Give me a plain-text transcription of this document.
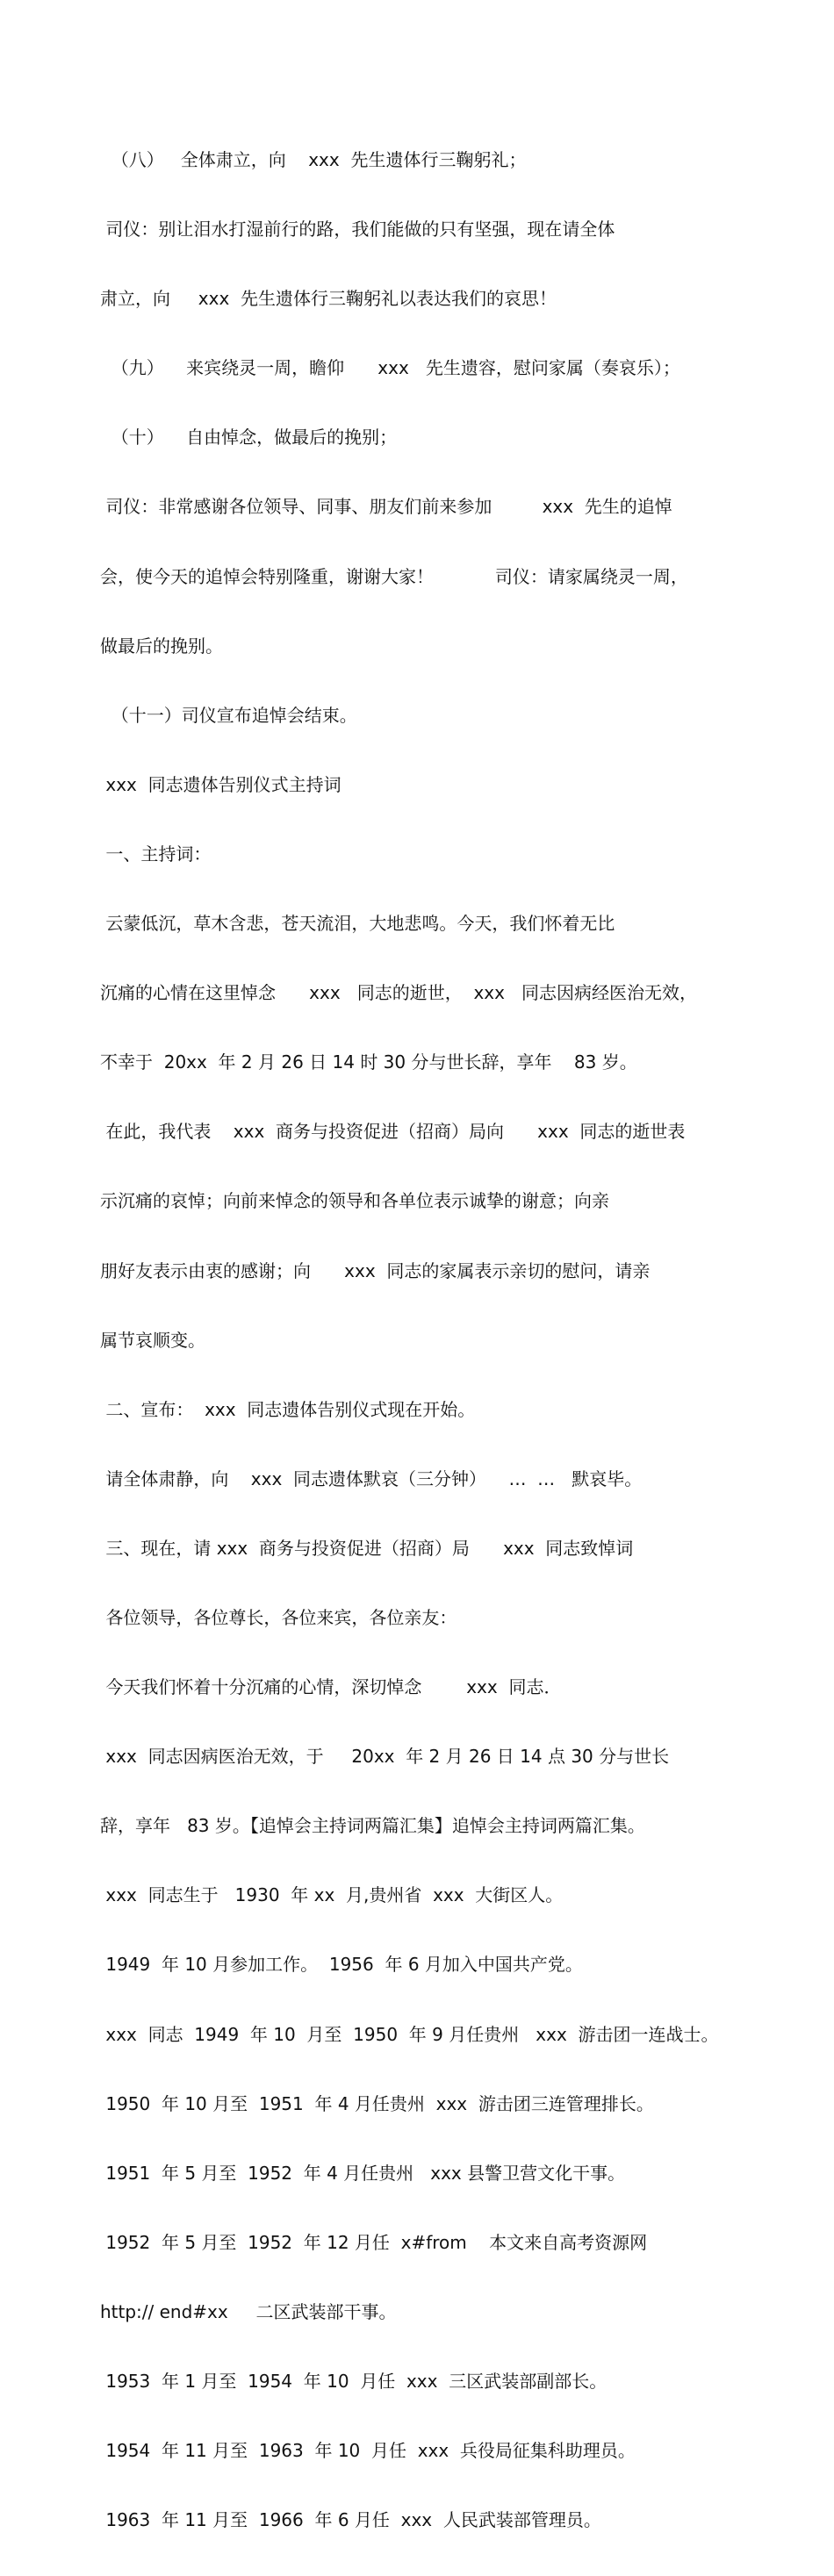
（八）   全体肃立，向    xxx  先生遗体行三鞠躬礼；

司仪：别让泪水打湿前行的路，我们能做的只有坚强，现在请全体

肃立，向     xxx  先生遗体行三鞠躬礼以表达我们的哀思！

（九）    来宾绕灵一周，瞻仰      xxx   先生遗容，慰问家属（奏哀乐）；

（十）    自由悼念，做最后的挽别；

司仪：非常感谢各位领导、同事、朋友们前来参加         xxx  先生的追悼

会，使今天的追悼会特别隆重，谢谢大家！           司仪：请家属绕灵一周，

做最后的挽别。

（十一）司仪宣布追悼会结束。

xxx  同志遗体告别仪式主持词

一、主持词：

云蒙低沉，草木含悲，苍天流泪，大地悲鸣。今天，我们怀着无比

沉痛的心情在这里悼念      xxx   同志的逝世，  xxx   同志因病经医治无效，

不幸于  20xx  年 2 月 26 日 14 时 30 分与世长辞，享年    83 岁。

在此，我代表    xxx  商务与投资促进（招商）局向      xxx  同志的逝世表

示沉痛的哀悼；向前来悼念的领导和各单位表示诚挚的谢意；向亲

朋好友表示由衷的感谢；向      xxx  同志的家属表示亲切的慰问，请亲

属节哀顺变。

二、宣布：  xxx  同志遗体告别仪式现在开始。

请全体肃静，向    xxx  同志遗体默哀（三分钟）    …  …   默哀毕。

三、现在，请 xxx  商务与投资促进（招商）局      xxx  同志致悼词

各位领导，各位尊长，各位来宾，各位亲友：

今天我们怀着十分沉痛的心情，深切悼念        xxx  同志．

xxx  同志因病医治无效，于     20xx  年 2 月 26 日 14 点 30 分与世长

辞，享年   83 岁。【追悼会主持词两篇汇集】追悼会主持词两篇汇集。

xxx  同志生于   1930  年 xx  月,贵州省  xxx  大街区人。

1949  年 10 月参加工作。  1956  年 6 月加入中国共产党。

xxx  同志  1949  年 10  月至  1950  年 9 月任贵州   xxx  游击团一连战士。

1950  年 10 月至  1951  年 4 月任贵州  xxx  游击团三连管理排长。

1951  年 5 月至  1952  年 4 月任贵州   xxx 县警卫营文化干事。

1952  年 5 月至  1952  年 12 月任  x#from    本文来自高考资源网

http:// end#xx     二区武装部干事。

1953  年 1 月至  1954  年 10  月任  xxx  三区武装部副部长。

1954  年 11 月至  1963  年 10  月任  xxx  兵役局征集科助理员。

1963  年 11 月至  1966  年 6 月任  xxx  人民武装部管理员。
